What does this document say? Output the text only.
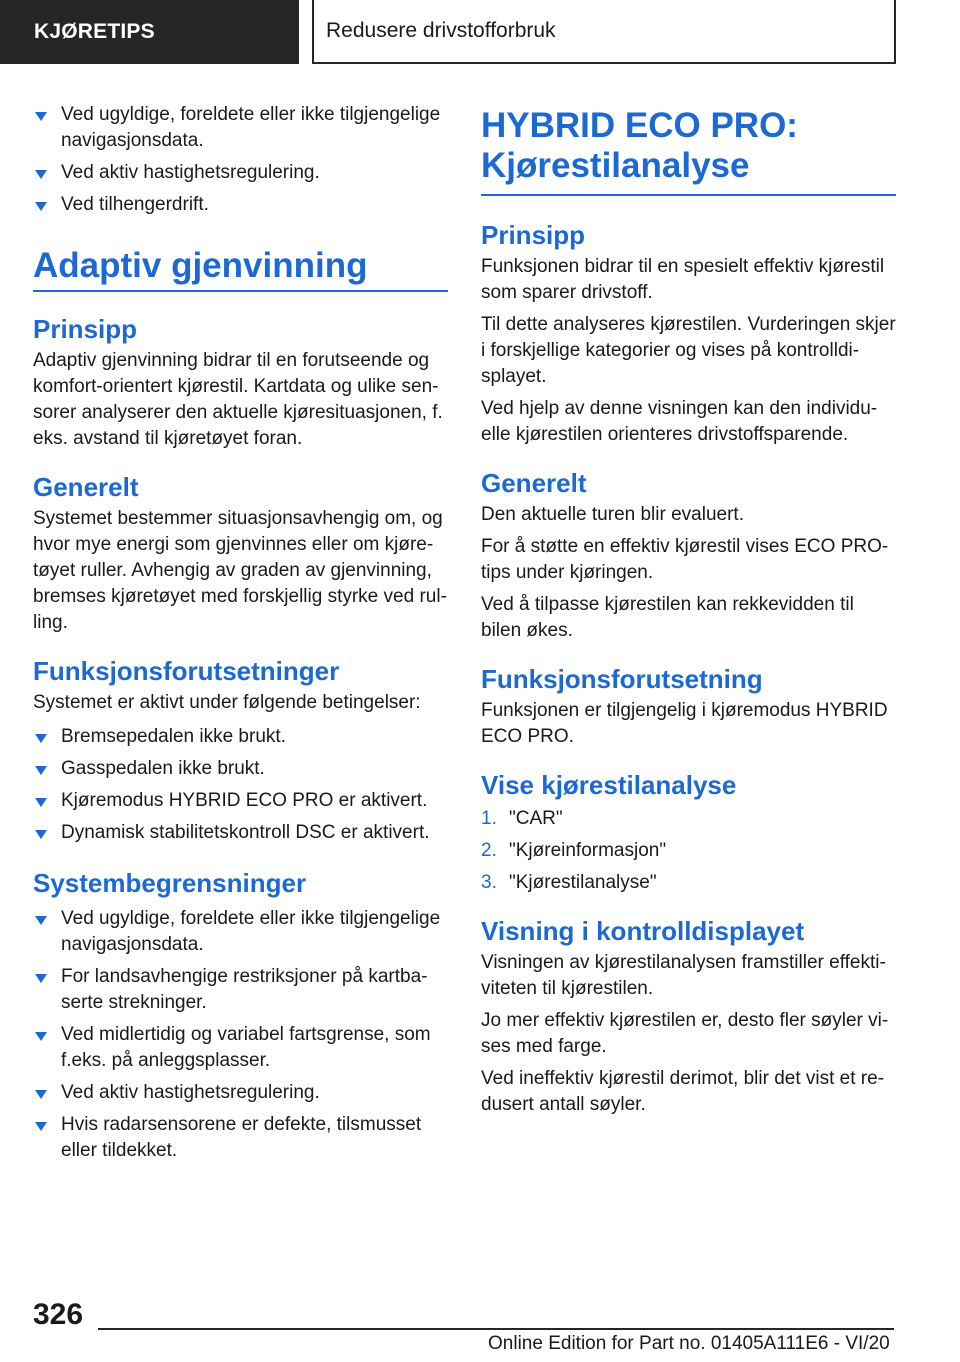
KJØRETIPS	Redusere drivstofforbruk
Ved ugyldige, foreldete eller ikke tilgjengelige navigasjonsdata.
Ved aktiv hastighetsregulering.
Ved tilhengerdrift.
Adaptiv gjenvinning
Prinsipp

Adaptiv gjenvinning bidrar til en forutseende og komfort-orientert kjørestil. Kartdata og ulike sensorer analyserer den aktuelle kjøresituasjonen, f. eks. avstand til kjøretøyet foran.

Generelt

Systemet bestemmer situasjonsavhengig om, og hvor mye energi som gjenvinnes eller om kjøretøyet ruller. Avhengig av graden av gjenvinning, bremses kjøretøyet med forskjellig styrke ved rulling.

Funksjonsforutsetninger

Systemet er aktivt under følgende betingelser:

Bremsepedalen ikke brukt.
Gasspedalen ikke brukt.
Kjøremodus HYBRID ECO PRO er aktivert.
Dynamisk stabilitetskontroll DSC er aktivert.
Systembegrensninger
Ved ugyldige, foreldete eller ikke tilgjengelige navigasjonsdata.
For landsavhengige restriksjoner på kartbaserte strekninger.
Ved midlertidig og variabel fartsgrense, som f.eks. på anleggsplasser.
Ved aktiv hastighetsregulering.
Hvis radarsensorene er defekte, tilsmusset eller tildekket.
HYBRID ECO PRO:
Kjørestilanalyse
Prinsipp

Funksjonen bidrar til en spesielt effektiv kjørestil som sparer drivstoff.

Til dette analyseres kjørestilen. Vurderingen skjer i forskjellige kategorier og vises på kontrolldisplayet.

Ved hjelp av denne visningen kan den individuelle kjørestilen orienteres drivstoffsparende.

Generelt

Den aktuelle turen blir evaluert.

For å støtte en effektiv kjørestil vises ECO PRO-tips under kjøringen.

Ved å tilpasse kjørestilen kan rekkevidden til bilen økes.

Funksjonsforutsetning

Funksjonen er tilgjengelig i kjøremodus HYBRID ECO PRO.

Vise kjørestilanalyse
1. "CAR"
2. "Kjøreinformasjon"
3. "Kjørestilanalyse"
Visning i kontrolldisplayet

Visningen av kjørestilanalysen framstiller effektiviteten til kjørestilen.

Jo mer effektiv kjørestilen er, desto fler søyler vises med farge.

Ved ineffektiv kjørestil derimot, blir det vist et redusert antall søyler.

326
Online Edition for Part no. 01405A111E6 - VI/20
